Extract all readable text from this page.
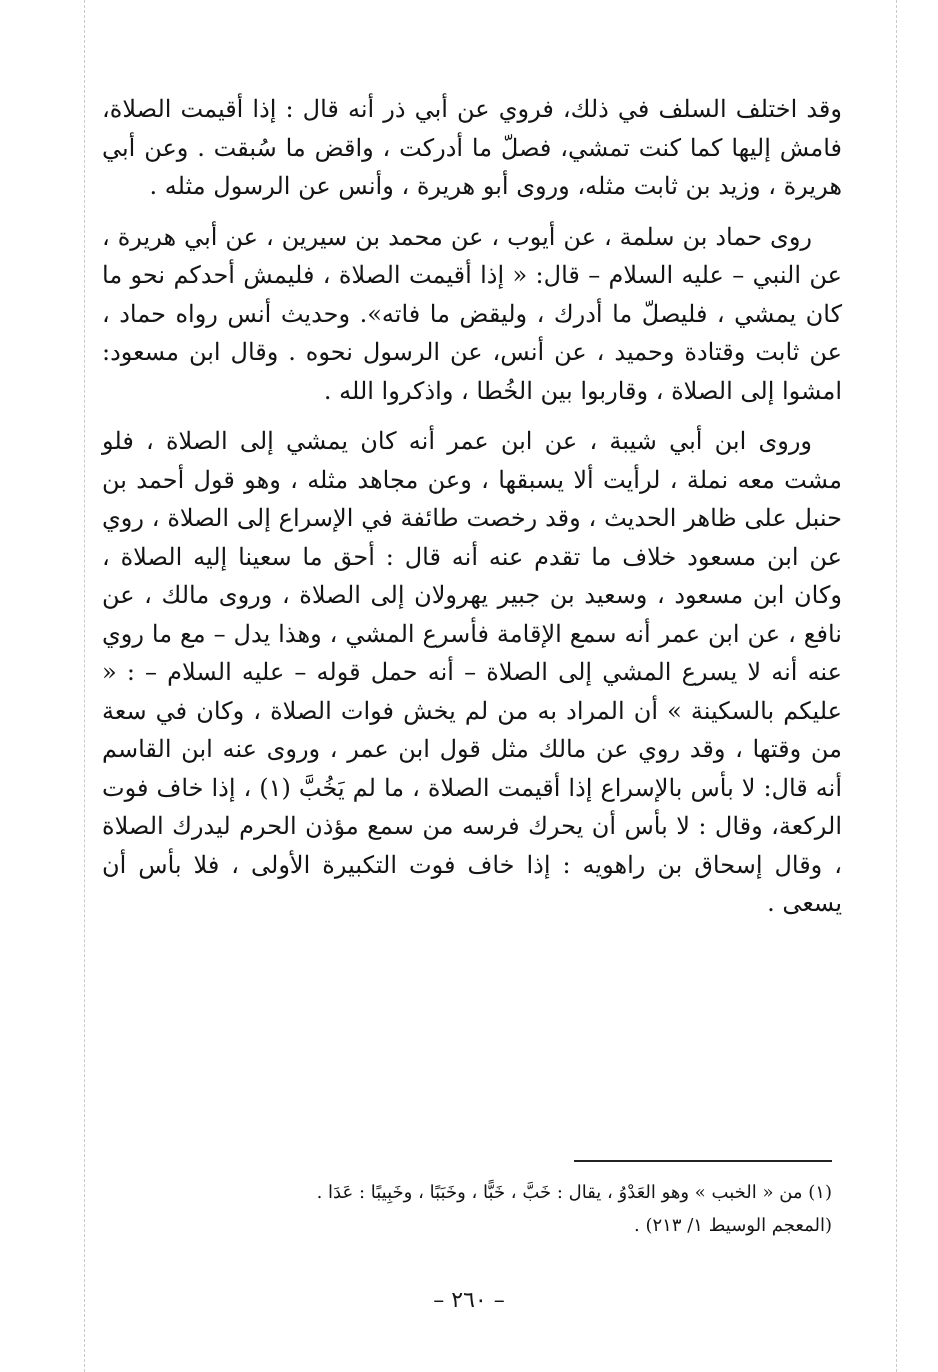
وقد اختلف السلف في ذلك، فروي عن أبي ذر أنه قال : إذا أقيمت الصلاة، فامش إليها كما كنت تمشي، فصلّ ما أدركت ، واقض ما سُبقت . وعن أبي هريرة ، وزيد بن ثابت مثله، وروى أبو هريرة ، وأنس عن الرسول مثله .

روى حماد بن سلمة ، عن أيوب ، عن محمد بن سيرين ، عن أبي هريرة ، عن النبي – عليه السلام – قال: « إذا أقيمت الصلاة ، فليمش أحدكم نحو ما كان يمشي ، فليصلّ ما أدرك ، وليقض ما فاته». وحديث أنس رواه حماد ، عن ثابت وقتادة وحميد ، عن أنس، عن الرسول نحوه . وقال ابن مسعود: امشوا إلى الصلاة ، وقاربوا بين الخُطا ، واذكروا الله .

وروى ابن أبي شيبة ، عن ابن عمر أنه كان يمشي إلى الصلاة ، فلو مشت معه نملة ، لرأيت ألا يسبقها ، وعن مجاهد مثله ، وهو قول أحمد بن حنبل على ظاهر الحديث ، وقد رخصت طائفة في الإسراع إلى الصلاة ، روي عن ابن مسعود خلاف ما تقدم عنه أنه قال : أحق ما سعينا إليه الصلاة ، وكان ابن مسعود ، وسعيد بن جبير يهرولان إلى الصلاة ، وروى مالك ، عن نافع ، عن ابن عمر أنه سمع الإقامة فأسرع المشي ، وهذا يدل – مع ما روي عنه أنه لا يسرع المشي إلى الصلاة – أنه حمل قوله – عليه السلام – : « عليكم بالسكينة » أن المراد به من لم يخش فوات الصلاة ، وكان في سعة من وقتها ، وقد روي عن مالك مثل قول ابن عمر ، وروى عنه ابن القاسم أنه قال: لا بأس بالإسراع إذا أقيمت الصلاة ، ما لم يَخُبَّ (١) ، إذا خاف فوت الركعة، وقال : لا بأس أن يحرك فرسه من سمع مؤذن الحرم ليدرك الصلاة ، وقال إسحاق بن راهويه : إذا خاف فوت التكبيرة الأولى ، فلا بأس أن يسعى .

(١) من « الخبب » وهو العَدْوُ ، يقال : خَبَّ ، خَبًّا ، وخَبَبًا ، وخَبِيبًا : عَدَا .

(المعجم الوسيط ١/ ٢١٣) .

– ٢٦٠ –
